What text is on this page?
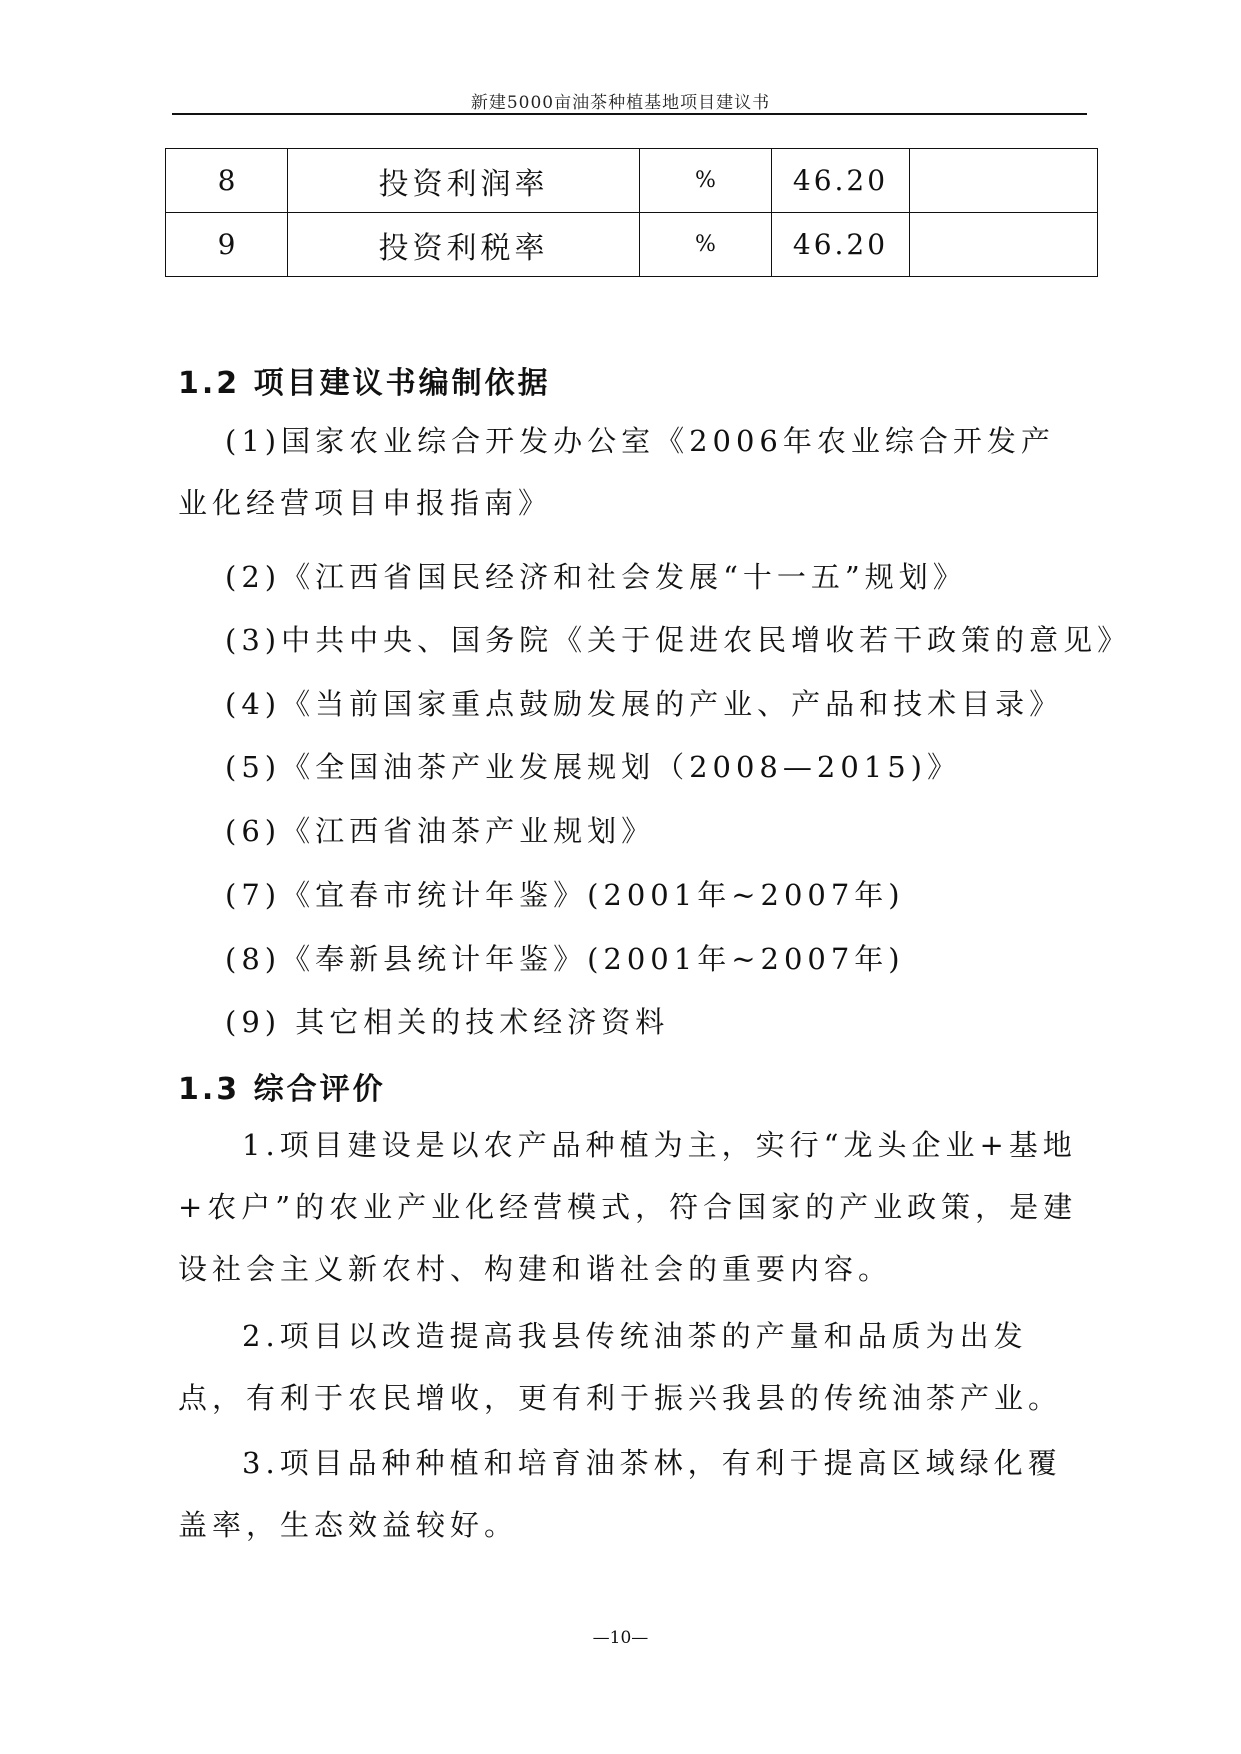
新建5000亩油茶种植基地项目建议书
8	投资利润率	%	46.20	
9	投资利税率	%	46.20	
1.2 项目建议书编制依据

(1)国家农业综合开发办公室《2006年农业综合开发产业化经营项目申报指南》

(2)《江西省国民经济和社会发展“十一五”规划》
(3)中共中央、国务院《关于促进农民增收若干政策的意见》
(4)《当前国家重点鼓励发展的产业、产品和技术目录》
(5)《全国油茶产业发展规划（2008—2015)》
(6)《江西省油茶产业规划》
(7)《宜春市统计年鉴》(2001年~2007年)
(8)《奉新县统计年鉴》(2001年~2007年)
(9) 其它相关的技术经济资料
1.3 综合评价

1.项目建设是以农产品种植为主，实行“龙头企业+基地+农户”的农业产业化经营模式，符合国家的产业政策，是建设社会主义新农村、构建和谐社会的重要内容。

2.项目以改造提高我县传统油茶的产量和品质为出发点，有利于农民增收，更有利于振兴我县的传统油茶产业。

3.项目品种种植和培育油茶林，有利于提高区域绿化覆盖率，生态效益较好。

—10—
